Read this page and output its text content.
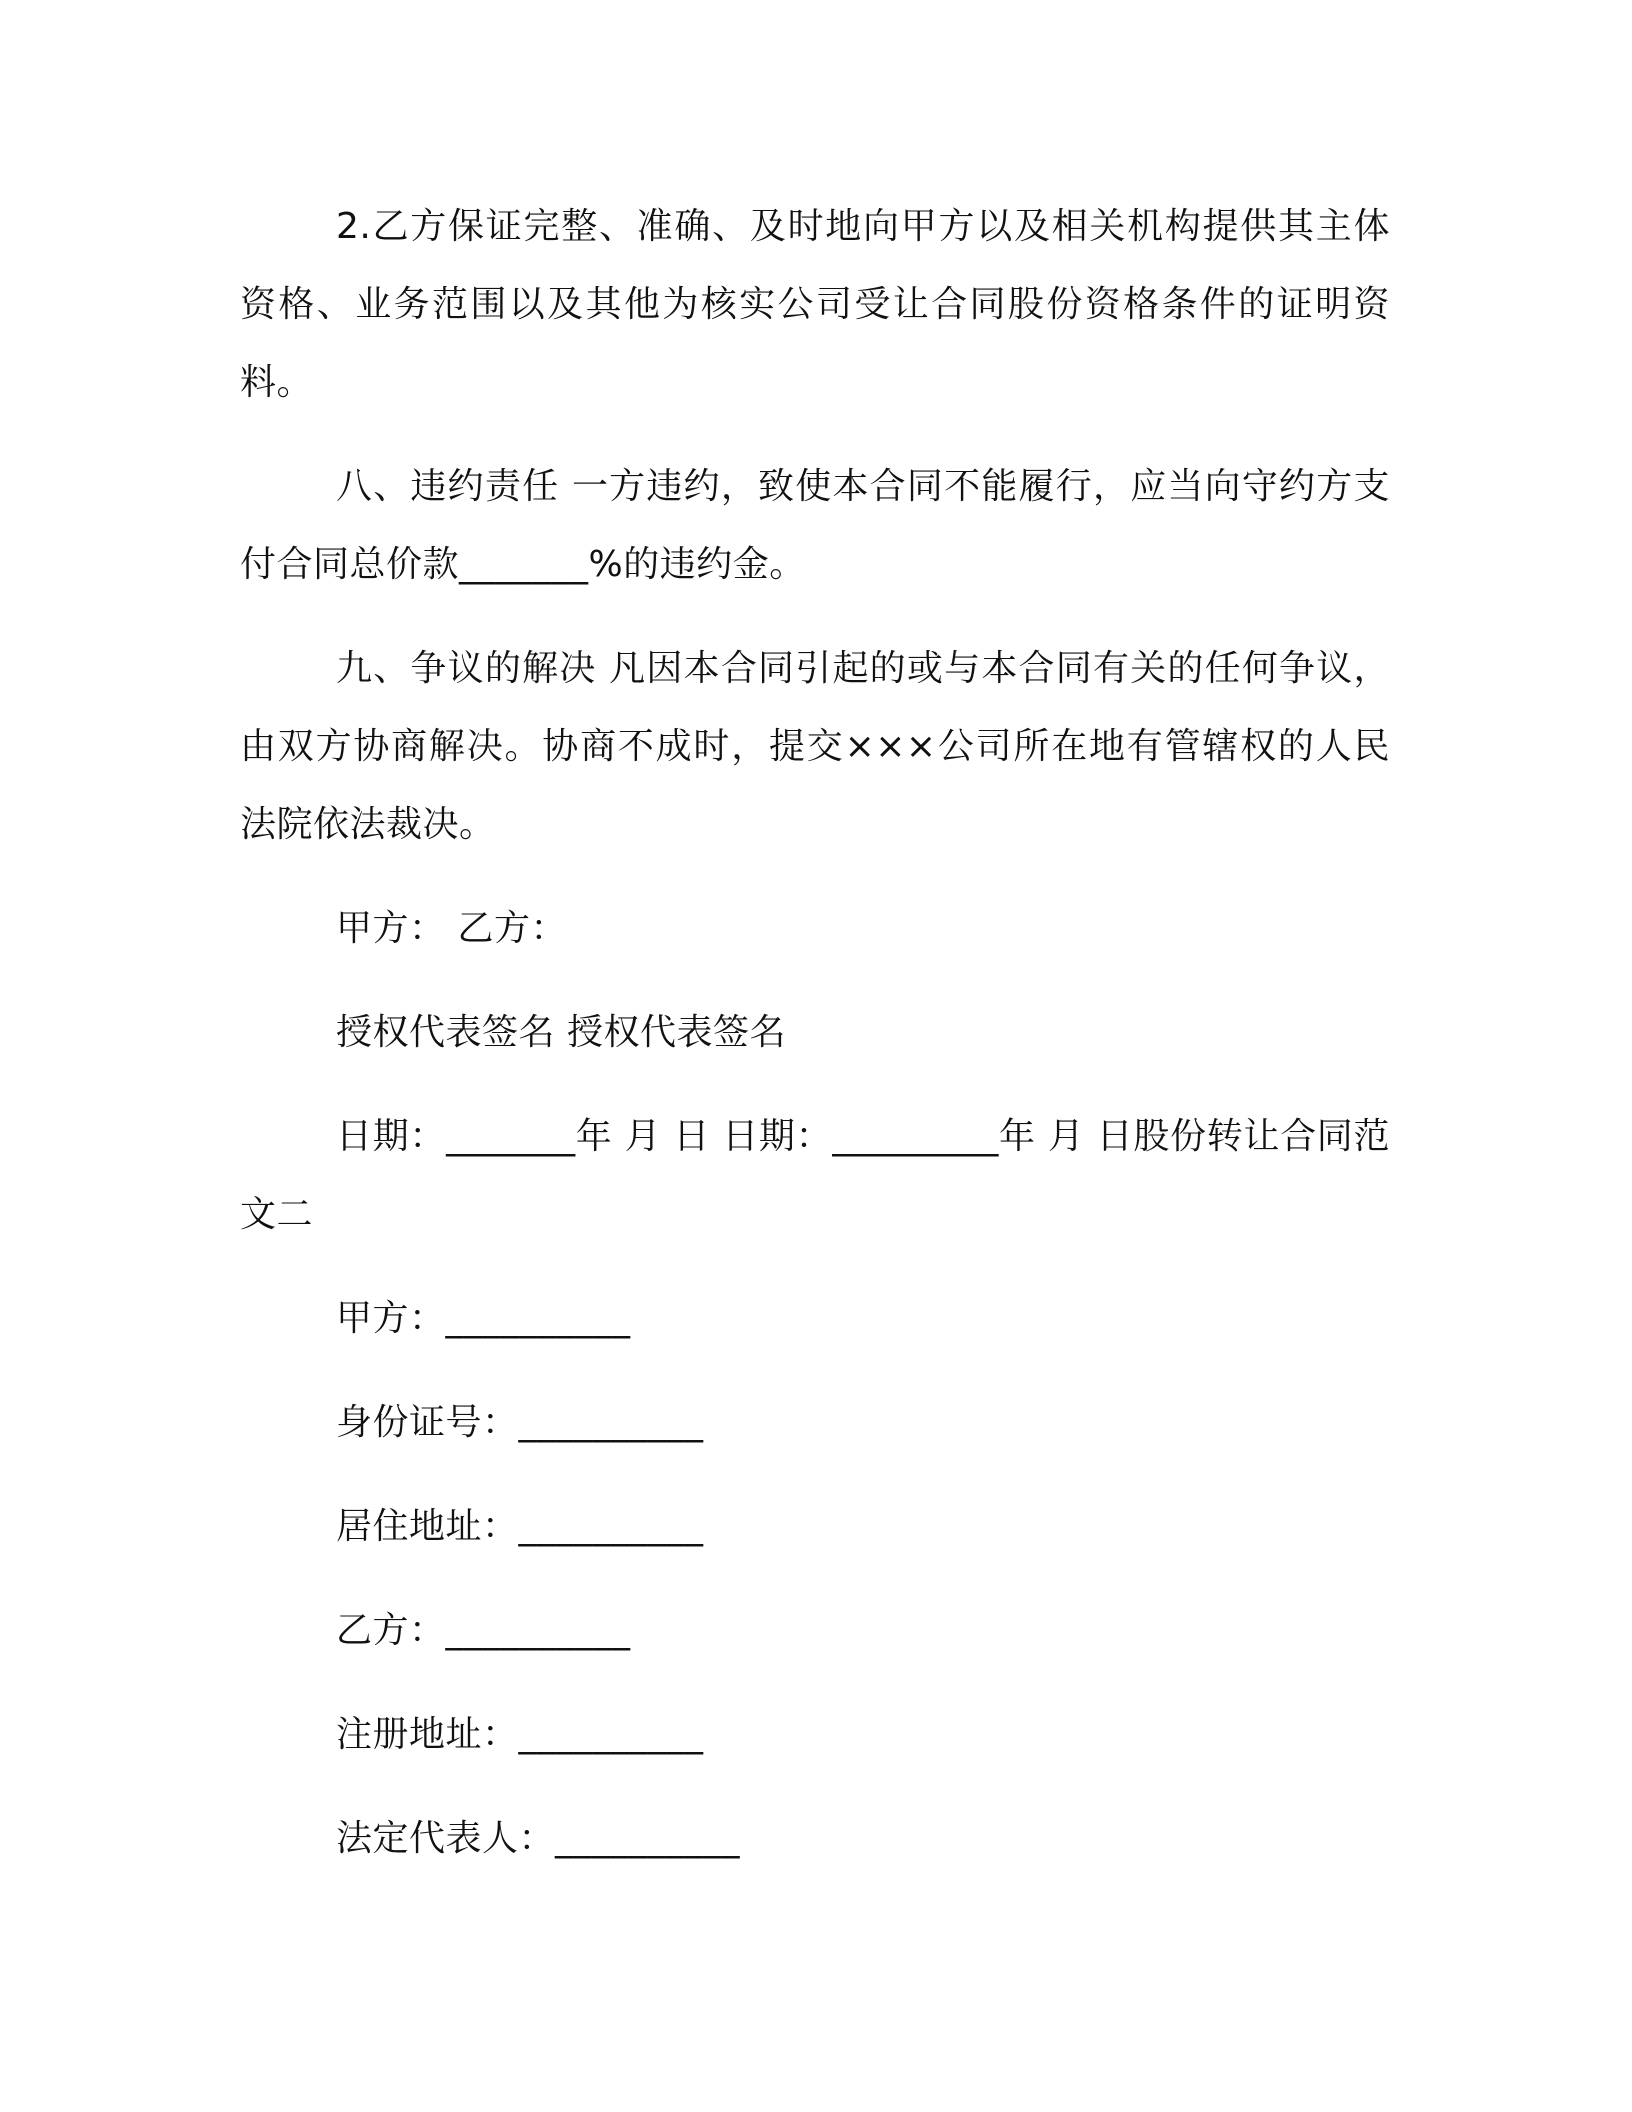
2.乙方保证完整、准确、及时地向甲方以及相关机构提供其主体资格、业务范围以及其他为核实公司受让合同股份资格条件的证明资料。

八、违约责任 一方违约，致使本合同不能履行，应当向守约方支付合同总价款_______%的违约金。

九、争议的解决 凡因本合同引起的或与本合同有关的任何争议，由双方协商解决。协商不成时，提交×××公司所在地有管辖权的人民法院依法裁决。

甲方： 乙方：

授权代表签名 授权代表签名

日期：_______年 月 日 日期：_________年 月 日股份转让合同范文二

甲方：__________
身份证号：__________
居住地址：__________
乙方：__________
注册地址：__________
法定代表人：__________
